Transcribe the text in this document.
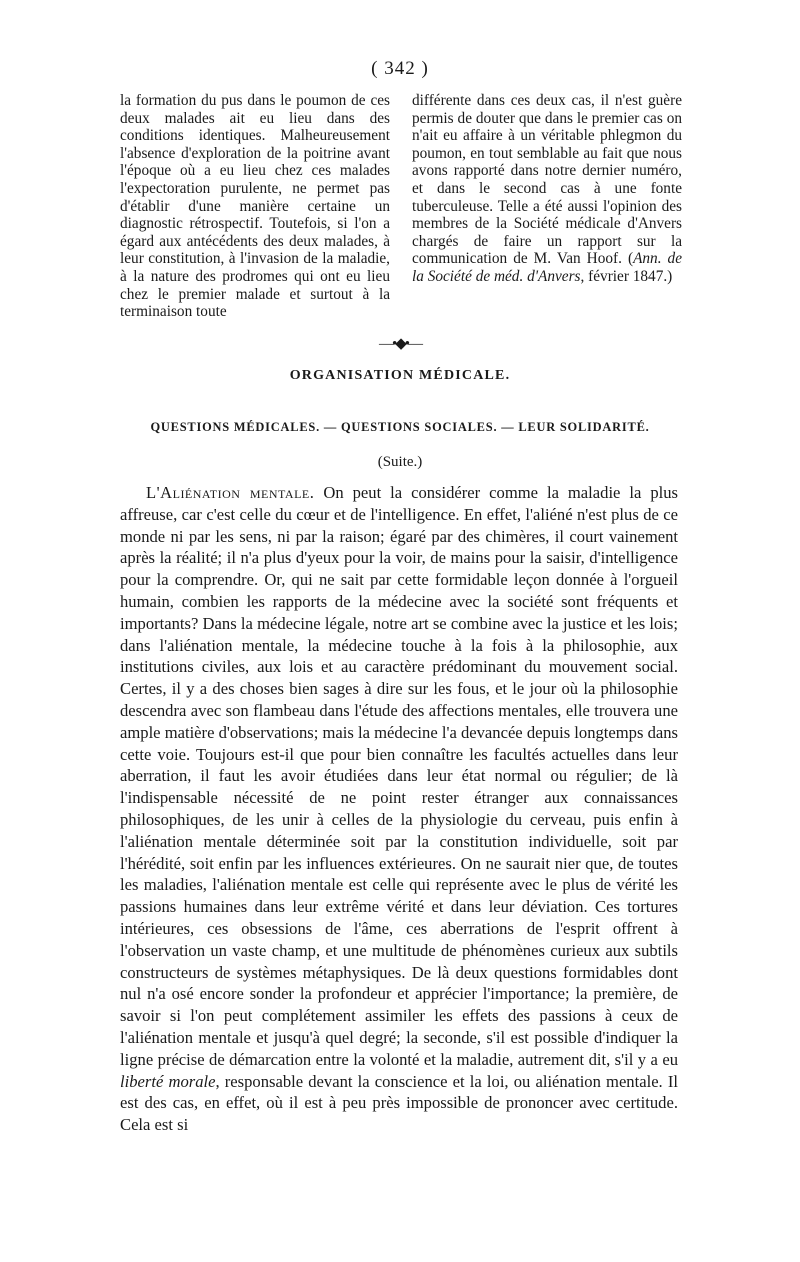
( 342 )

la formation du pus dans le poumon de ces deux malades ait eu lieu dans des conditions identiques. Malheureusement l'absence d'exploration de la poitrine avant l'époque où a eu lieu chez ces malades l'expectoration purulente, ne permet pas d'établir d'une manière certaine un diagnostic rétrospectif. Toutefois, si l'on a égard aux antécédents des deux malades, à leur constitution, à l'invasion de la maladie, à la nature des prodromes qui ont eu lieu chez le premier malade et surtout à la terminaison toute

différente dans ces deux cas, il n'est guère permis de douter que dans le premier cas on n'ait eu affaire à un véritable phlegmon du poumon, en tout semblable au fait que nous avons rapporté dans notre dernier numéro, et dans le second cas à une fonte tuberculeuse. Telle a été aussi l'opinion des membres de la Société médicale d'Anvers chargés de faire un rapport sur la communication de M. Van Hoof. (Ann. de la Société de méd. d'Anvers, février 1847.)

—•◆•—
ORGANISATION MÉDICALE.
QUESTIONS MÉDICALES. — QUESTIONS SOCIALES. — LEUR SOLIDARITÉ.
(Suite.)

L'Aliénation mentale. On peut la considérer comme la maladie la plus affreuse, car c'est celle du cœur et de l'intelligence. En effet, l'aliéné n'est plus de ce monde ni par les sens, ni par la raison; égaré par des chimères, il court vainement après la réalité; il n'a plus d'yeux pour la voir, de mains pour la saisir, d'intelligence pour la comprendre. Or, qui ne sait par cette formidable leçon donnée à l'orgueil humain, combien les rapports de la médecine avec la société sont fréquents et importants? Dans la médecine légale, notre art se combine avec la justice et les lois; dans l'aliénation mentale, la médecine touche à la fois à la philosophie, aux institutions civiles, aux lois et au caractère prédominant du mouvement social. Certes, il y a des choses bien sages à dire sur les fous, et le jour où la philosophie descendra avec son flambeau dans l'étude des affections mentales, elle trouvera une ample matière d'observations; mais la médecine l'a devancée depuis longtemps dans cette voie. Toujours est-il que pour bien connaître les facultés actuelles dans leur aberration, il faut les avoir étudiées dans leur état normal ou régulier; de là l'indispensable nécessité de ne point rester étranger aux connaissances philosophiques, de les unir à celles de la physiologie du cerveau, puis enfin à l'aliénation mentale déterminée soit par la constitution individuelle, soit par l'hérédité, soit enfin par les influences extérieures. On ne saurait nier que, de toutes les maladies, l'aliénation mentale est celle qui représente avec le plus de vérité les passions humaines dans leur extrême vérité et dans leur déviation. Ces tortures intérieures, ces obsessions de l'âme, ces aberrations de l'esprit offrent à l'observation un vaste champ, et une multitude de phénomènes curieux aux subtils constructeurs de systèmes métaphysiques. De là deux questions formidables dont nul n'a osé encore sonder la profondeur et apprécier l'importance; la première, de savoir si l'on peut complétement assimiler les effets des passions à ceux de l'aliénation mentale et jusqu'à quel degré; la seconde, s'il est possible d'indiquer la ligne précise de démarcation entre la volonté et la maladie, autrement dit, s'il y a eu liberté morale, responsable devant la conscience et la loi, ou aliénation mentale. Il est des cas, en effet, où il est à peu près impossible de prononcer avec certitude. Cela est si
